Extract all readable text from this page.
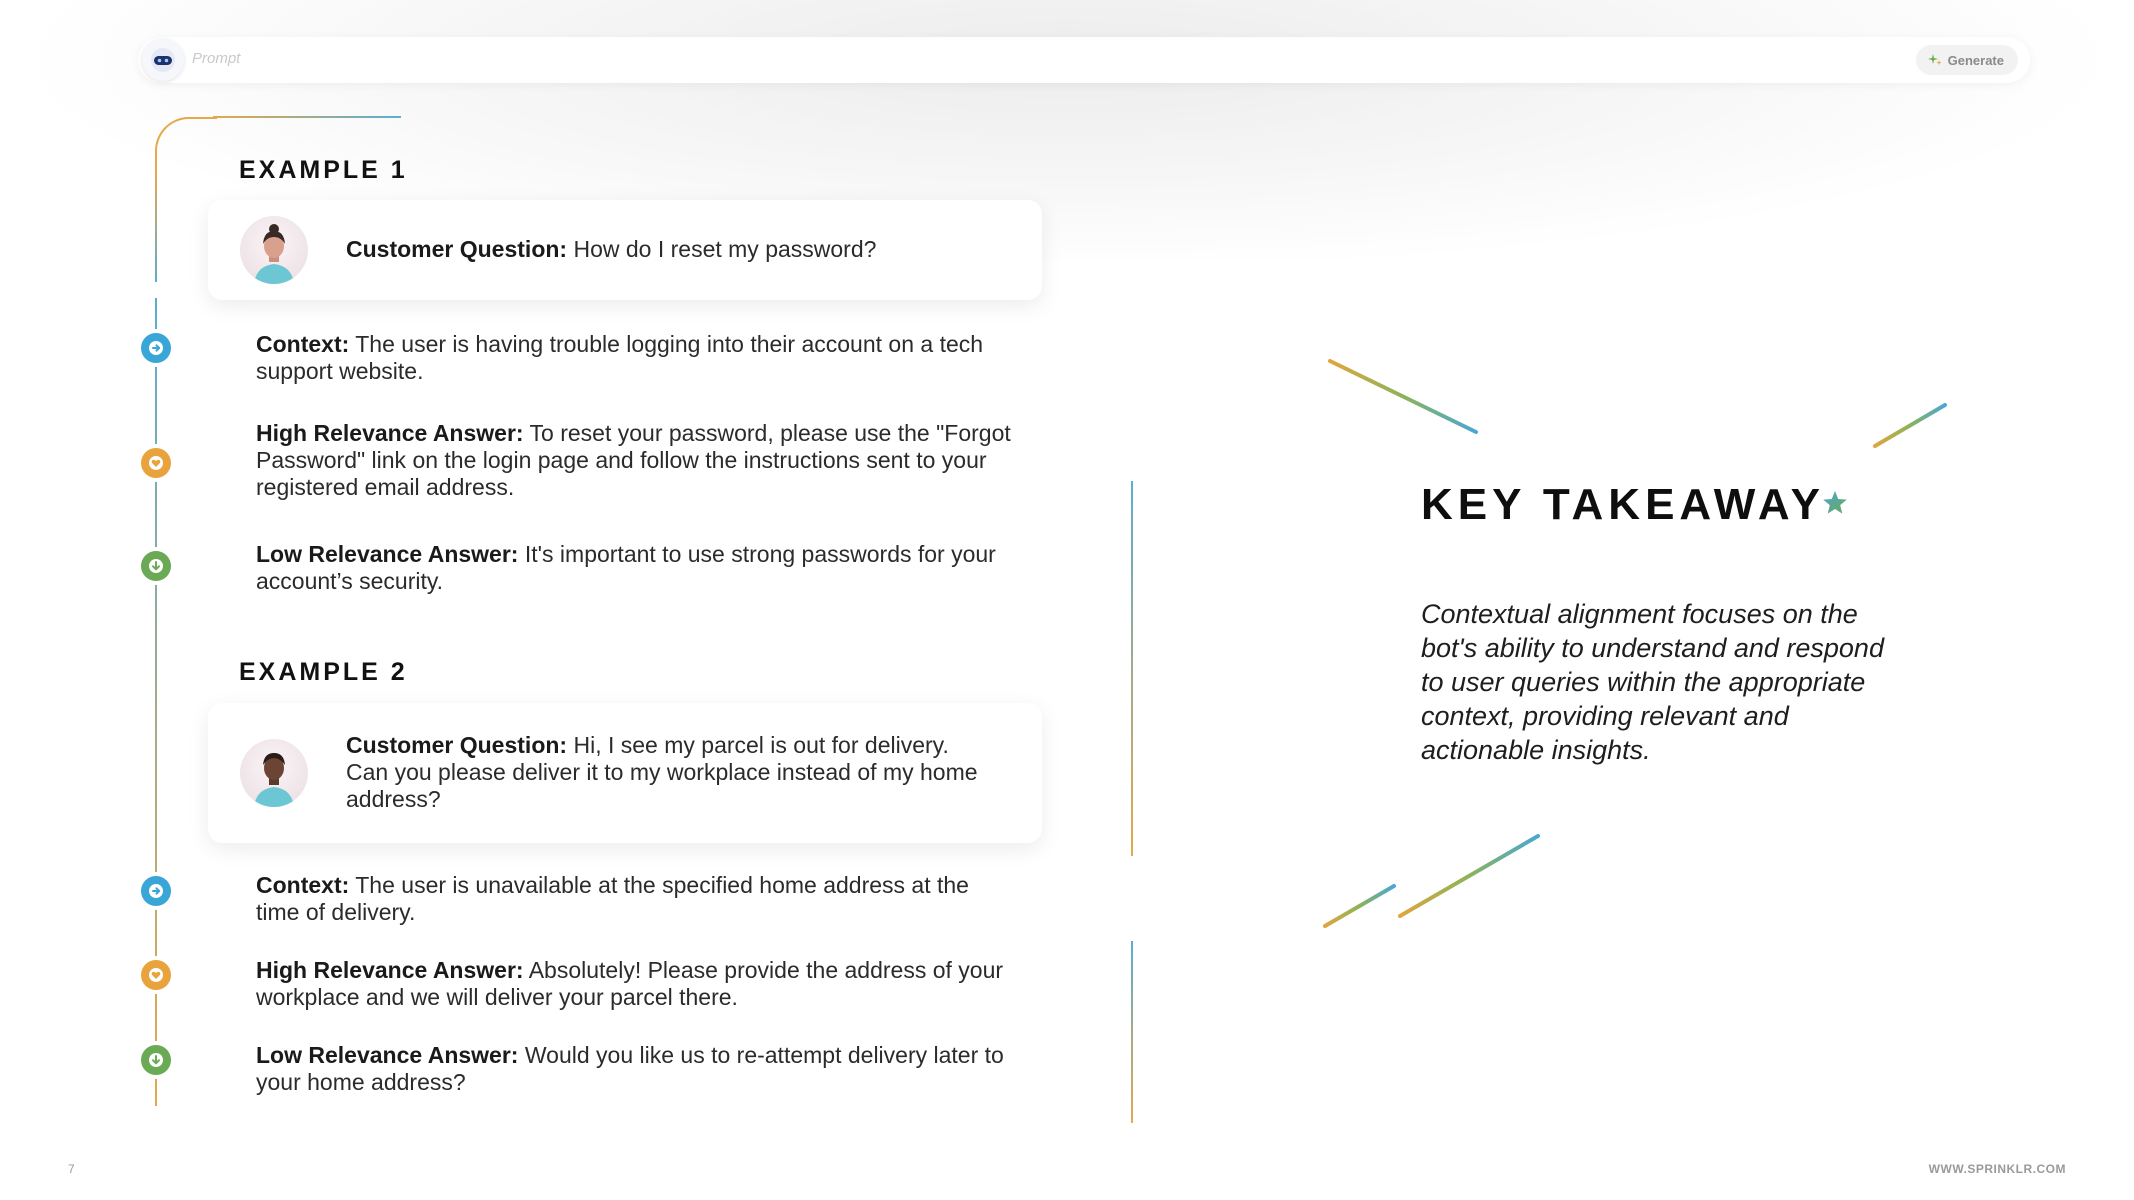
Prompt	Generate
EXAMPLE 1
Customer Question: How do I reset my password?
Context: The user is having trouble logging into their account on a tech support website.
High Relevance Answer: To reset your password, please use the "Forgot Password" link on the login page and follow the instructions sent to your registered email address.
Low Relevance Answer: It's important to use strong passwords for your account’s security.
EXAMPLE 2
Customer Question: Hi, I see my parcel is out for delivery. Can you please deliver it to my workplace instead of my home address?
Context: The user is unavailable at the specified home address at the time of delivery.
High Relevance Answer: Absolutely! Please provide the address of your workplace and we will deliver your parcel there.
Low Relevance Answer: Would you like us to re-attempt delivery later to your home address?
KEY TAKEAWAY
Contextual alignment focuses on the bot's ability to understand and respond to user queries within the appropriate context, providing relevant and actionable insights.
7	WWW.SPRINKLR.COM
